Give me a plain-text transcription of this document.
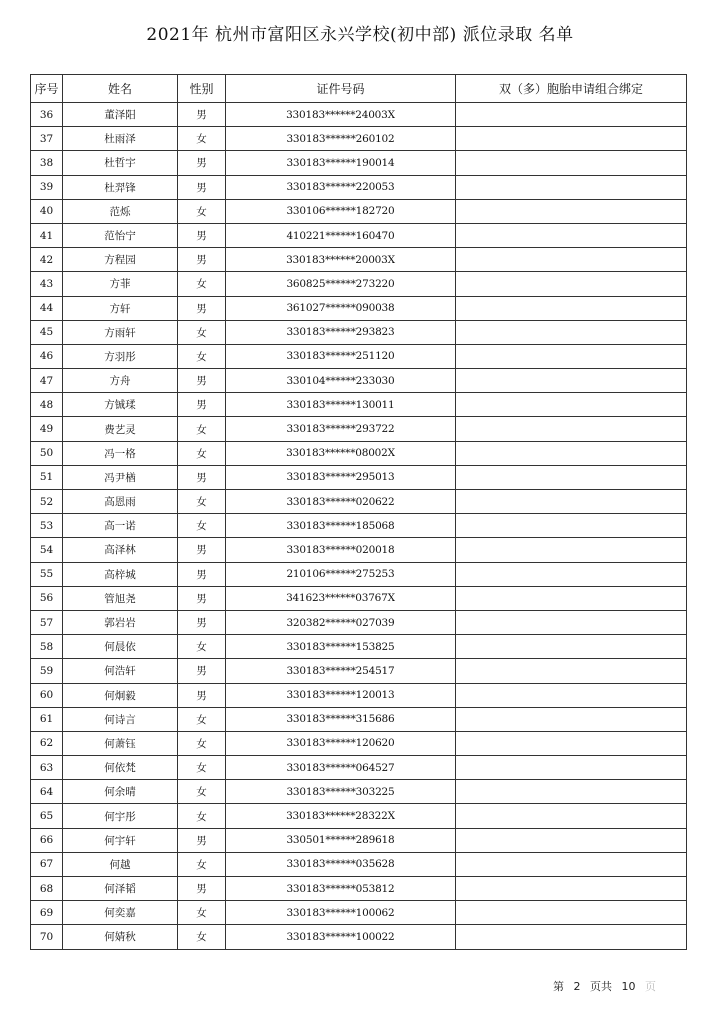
2021年 杭州市富阳区永兴学校(初中部) 派位录取 名单
序号	姓名	性别	证件号码	双（多）胞胎申请组合绑定
36	董泽阳	男	330183******24003X	
37	杜雨泽	女	330183******260102	
38	杜哲宇	男	330183******190014	
39	杜羿锋	男	330183******220053	
40	范烁	女	330106******182720	
41	范怡宁	男	410221******160470	
42	方程园	男	330183******20003X	
43	方菲	女	360825******273220	
44	方轩	男	361027******090038	
45	方雨轩	女	330183******293823	
46	方羽彤	女	330183******251120	
47	方舟	男	330104******233030	
48	方铖瑈	男	330183******130011	
49	费艺灵	女	330183******293722	
50	冯一格	女	330183******08002X	
51	冯尹楢	男	330183******295013	
52	高恩雨	女	330183******020622	
53	高一诺	女	330183******185068	
54	高泽林	男	330183******020018	
55	高梓城	男	210106******275253	
56	管旭尧	男	341623******03767X	
57	郭岩岩	男	320382******027039	
58	何晨依	女	330183******153825	
59	何浩轩	男	330183******254517	
60	何炯毅	男	330183******120013	
61	何诗言	女	330183******315686	
62	何萧钰	女	330183******120620	
63	何依梵	女	330183******064527	
64	何余晴	女	330183******303225	
65	何宇彤	女	330183******28322X	
66	何宇轩	男	330501******289618	
67	何越	女	330183******035628	
68	何泽韬	男	330183******053812	
69	何奕嘉	女	330183******100062	
70	何婧秋	女	330183******100022	
第 2 页共 10 页
